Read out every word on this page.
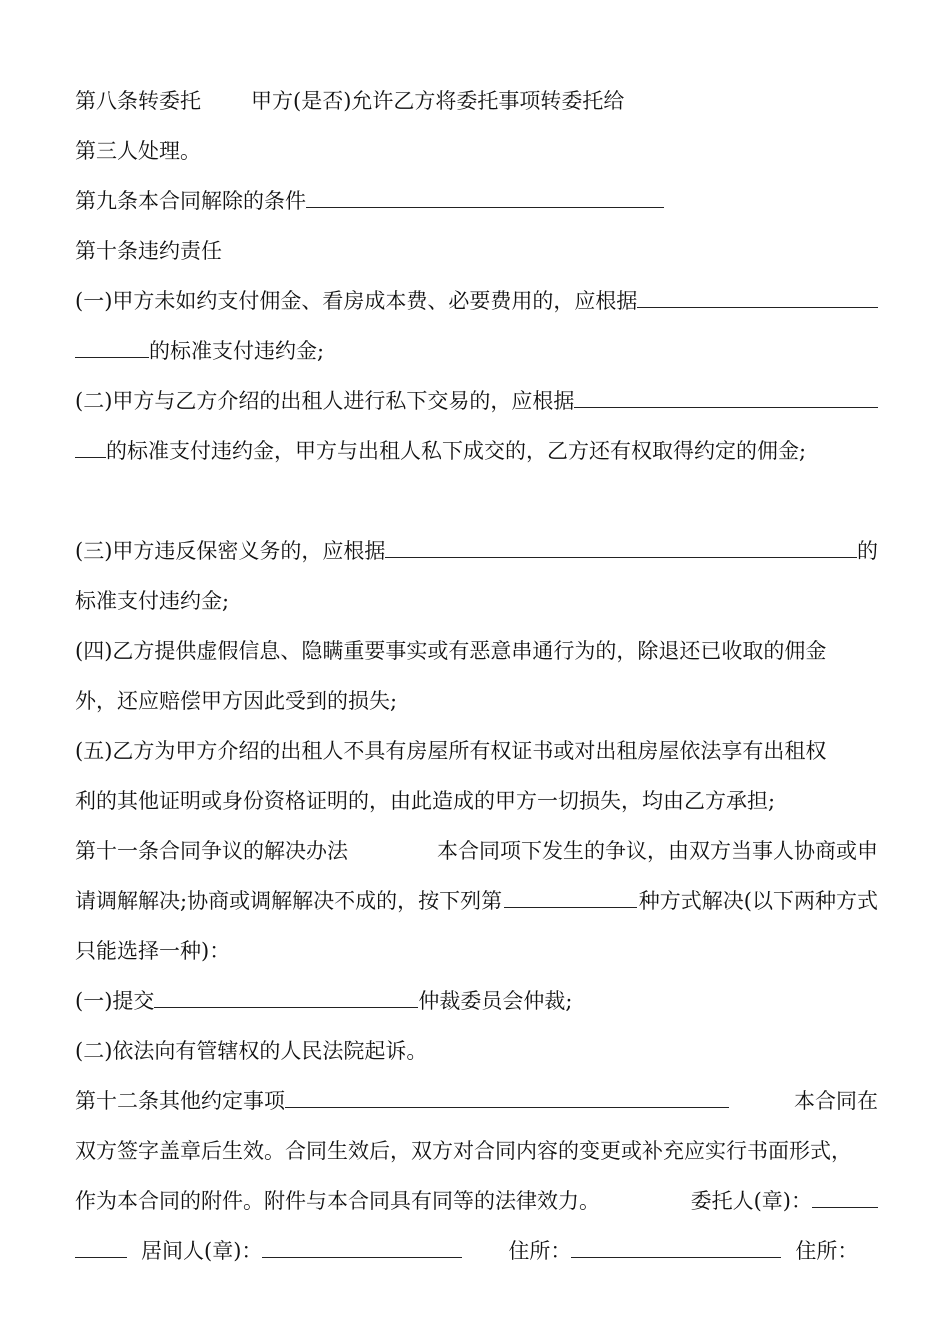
第八条转委托 甲方(是否)允许乙方将委托事项转委托给
第三人处理。
第九条本合同解除的条件
第十条违约责任
(一)甲方未如约支付佣金、看房成本费、必要费用的，应根据
的标准支付违约金;
(二)甲方与乙方介绍的出租人进行私下交易的，应根据
的标准支付违约金，甲方与出租人私下成交的，乙方还有权取得约定的佣金;
(三)甲方违反保密义务的，应根据	的
标准支付违约金;
(四)乙方提供虚假信息、隐瞒重要事实或有恶意串通行为的，除退还已收取的佣金
外，还应赔偿甲方因此受到的损失;
(五)乙方为甲方介绍的出租人不具有房屋所有权证书或对出租房屋依法享有出租权
利的其他证明或身份资格证明的，由此造成的甲方一切损失，均由乙方承担;
第十一条合同争议的解决办法	本合同项下发生的争议，由双方当事人协商或申
请调解解决;协商或调解解决不成的，按下列第	种方式解决(以下两种方式
只能选择一种)：
(一)提交	仲裁委员会仲裁;
(二)依法向有管辖权的人民法院起诉。
第十二条其他约定事项	本合同在
双方签字盖章后生效。合同生效后，双方对合同内容的变更或补充应实行书面形式，
作为本合同的附件。附件与本合同具有同等的法律效力。	委托人(章)：
居间人(章)：	住所：	住所：
